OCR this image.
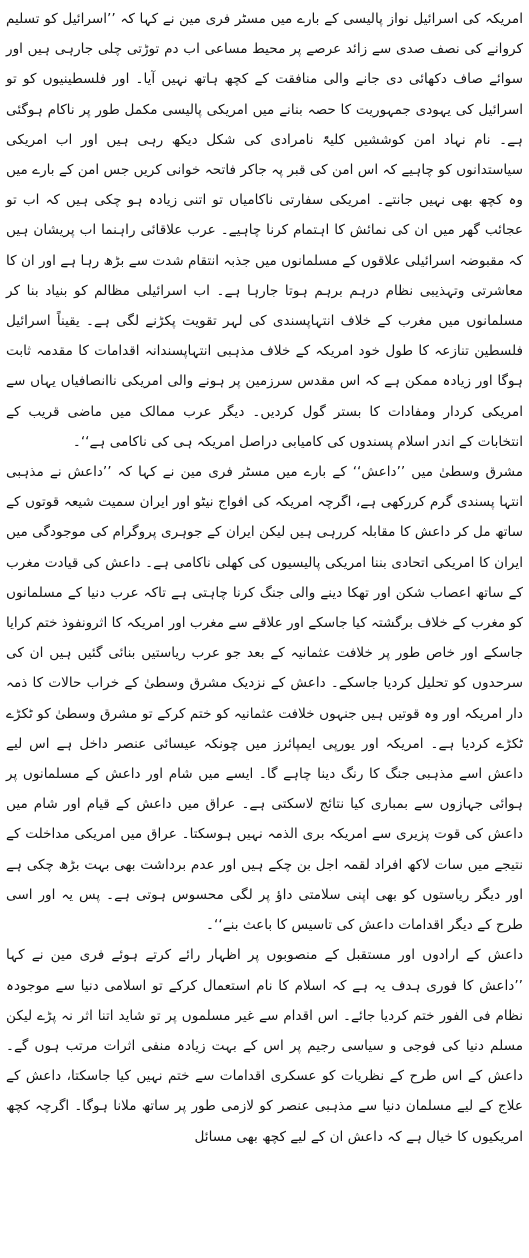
امریکہ کی اسرائیل نواز پالیسی کے بارے میں مسٹر فری مین نے کہا کہ ’’اسرائیل کو تسلیم کروانے کی نصف صدی سے زائد عرصے پر محیط مساعی اب دم توڑتی چلی جارہی ہیں اور سوائے صاف دکھائی دی جانے والی منافقت کے کچھ ہاتھ نہیں آیا۔ اور فلسطینیوں کو تو اسرائیل کی یہودی جمہوریت کا حصہ بنانے میں امریکی پالیسی مکمل طور پر ناکام ہوگئی ہے۔ نام نہاد امن کوششیں کلیۃً نامرادی کی شکل دیکھ رہی ہیں اور اب امریکی سیاستدانوں کو چاہیے کہ اس امن کی قبر پہ جاکر فاتحہ خوانی کریں جس امن کے بارے میں وہ کچھ بھی نہیں جانتے۔ امریکی سفارتی ناکامیاں تو اتنی زیادہ ہو چکی ہیں کہ اب تو عجائب گھر میں ان کی نمائش کا اہتمام کرنا چاہیے۔ عرب علاقائی راہنما اب پریشان ہیں کہ مقبوضہ اسرائیلی علاقوں کے مسلمانوں میں جذبہ انتقام شدت سے بڑھ رہا ہے اور ان کا معاشرتی وتہذیبی نظام درہم برہم ہوتا جارہا ہے۔ اب اسرائیلی مظالم کو بنیاد بنا کر مسلمانوں میں مغرب کے خلاف انتہاپسندی کی لہر تقویت پکڑنے لگی ہے۔ یقیناً اسرائیل فلسطین تنازعہ کا طول خود امریکہ کے خلاف مذہبی انتہاپسندانہ اقدامات کا مقدمہ ثابت ہوگا اور زیادہ ممکن ہے کہ اس مقدس سرزمین پر ہونے والی امریکی ناانصافیاں یہاں سے امریکی کردار ومفادات کا بستر گول کردیں۔ دیگر عرب ممالک میں ماضی قریب کے انتخابات کے اندر اسلام پسندوں کی کامیابی دراصل امریکہ ہی کی ناکامی ہے‘‘۔

مشرق وسطیٰ میں ’’داعش‘‘ کے بارے میں مسٹر فری مین نے کہا کہ ’’داعش نے مذہبی انتہا پسندی گرم کررکھی ہے، اگرچہ امریکہ کی افواج نیٹو اور ایران سمیت شیعہ قوتوں کے ساتھ مل کر داعش کا مقابلہ کررہی ہیں لیکن ایران کے جوہری پروگرام کی موجودگی میں ایران کا امریکی اتحادی بننا امریکی پالیسیوں کی کھلی ناکامی ہے۔ داعش کی قیادت مغرب کے ساتھ اعصاب شکن اور تھکا دینے والی جنگ کرنا چاہتی ہے تاکہ عرب دنیا کے مسلمانوں کو مغرب کے خلاف برگشتہ کیا جاسکے اور علاقے سے مغرب اور امریکہ کا اثرونفوذ ختم کرایا جاسکے اور خاص طور پر خلافت عثمانیہ کے بعد جو عرب ریاستیں بنائی گئیں ہیں ان کی سرحدوں کو تحلیل کردیا جاسکے۔ داعش کے نزدیک مشرق وسطیٰ کے خراب حالات کا ذمہ دار امریکہ اور وہ قوتیں ہیں جنہوں خلافت عثمانیہ کو ختم کرکے تو مشرق وسطیٰ کو ٹکڑے ٹکڑے کردیا ہے۔ امریکہ اور یورپی ایمپائرز میں چونکہ عیسائی عنصر داخل ہے اس لیے داعش اسے مذہبی جنگ کا رنگ دینا چاہے گا۔ ایسے میں شام اور داعش کے مسلمانوں پر ہوائی جہازوں سے بمباری کیا نتائج لاسکتی ہے۔ عراق میں داعش کے قیام اور شام میں داعش کی قوت پزیری سے امریکہ بری الذمہ نہیں ہوسکتا۔ عراق میں امریکی مداخلت کے نتیجے میں سات لاکھ افراد لقمہ اجل بن چکے ہیں اور عدم برداشت بھی بہت بڑھ چکی ہے اور دیگر ریاستوں کو بھی اپنی سلامتی داؤ پر لگی محسوس ہوتی ہے۔ پس یہ اور اسی طرح کے دیگر اقدامات داعش کی تاسیس کا باعث بنے‘‘۔

داعش کے ارادوں اور مستقبل کے منصوبوں پر اظہار رائے کرتے ہوئے فری مین نے کہا ’’داعش کا فوری ہدف یہ ہے کہ اسلام کا نام استعمال کرکے تو اسلامی دنیا سے موجودہ نظام فی الفور ختم کردیا جائے۔ اس اقدام سے غیر مسلموں پر تو شاید اتنا اثر نہ پڑے لیکن مسلم دنیا کی فوجی و سیاسی رجیم پر اس کے بہت زیادہ منفی اثرات مرتب ہوں گے۔ داعش کے اس طرح کے نظریات کو عسکری اقدامات سے ختم نہیں کیا جاسکتا، داعش کے علاج کے لیے مسلمان دنیا سے مذہبی عنصر کو لازمی طور پر ساتھ ملانا ہوگا۔ اگرچہ کچھ امریکیوں کا خیال ہے کہ داعش ان کے لیے کچھ بھی مسائل
